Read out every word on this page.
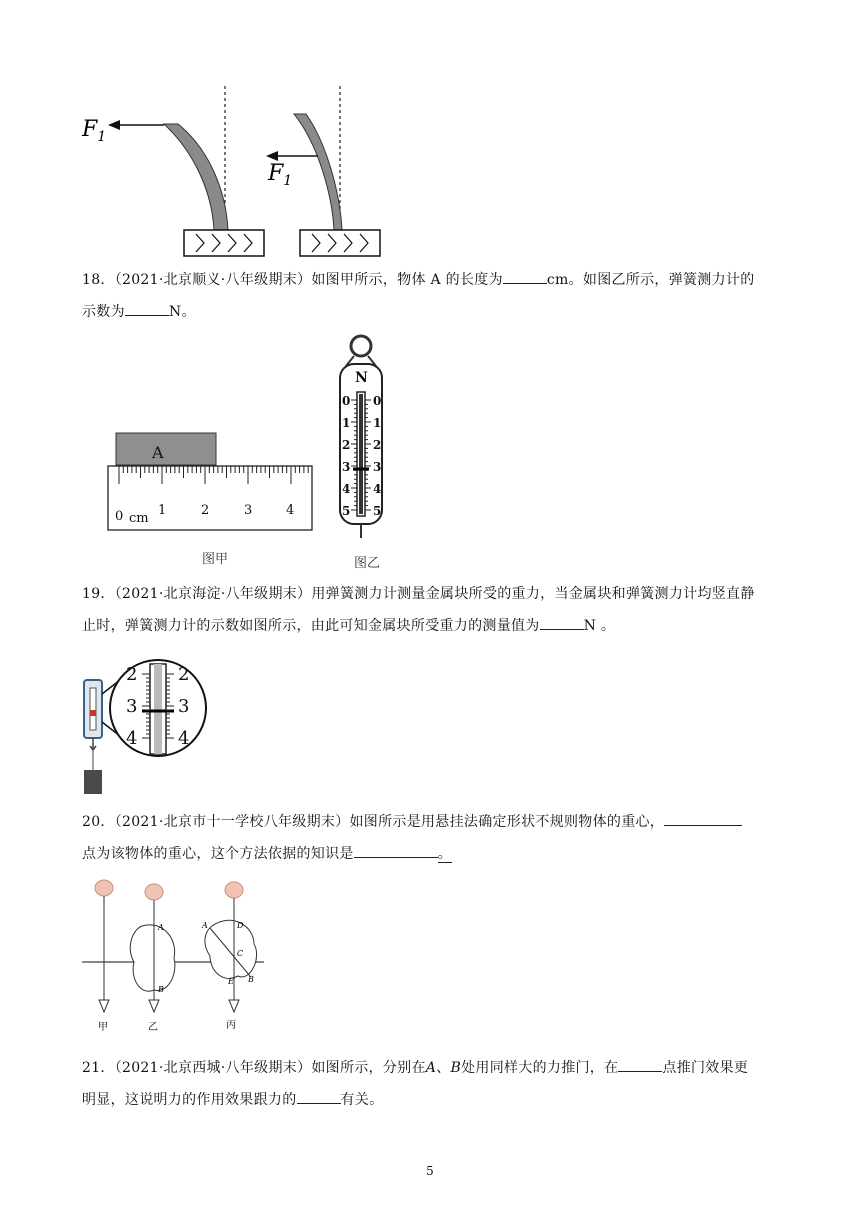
$F_1$
$F_1$
18．（2021·北京顺义·八年级期末）如图甲所示，物体 A 的长度为	cm。如图乙所示，弹簧测力计的
示数为	N。
A
0	1	2	3	4
cm
图甲
N
0 0
1 1
2 2
3 3
4 4
5 5
图乙
19．（2021·北京海淀·八年级期末）用弹簧测力计测量金属块所受的重力，当金属块和弹簧测力计均竖直静
止时，弹簧测力计的示数如图所示，由此可知金属块所受重力的测量值为	N 。
2 2
3 3
4 4
20．（2021·北京市十一学校八年级期末）如图所示是用悬挂法确定形状不规则物体的重心，
点为该物体的重心，这个方法依据的知识是	。
A
B
A	D
C
E B
甲	乙	丙
21．（2021·北京西城·八年级期末）如图所示，分别在A、B处用同样大的力推门，在	点推门效果更
明显，这说明力的作用效果跟力的	有关。
5
